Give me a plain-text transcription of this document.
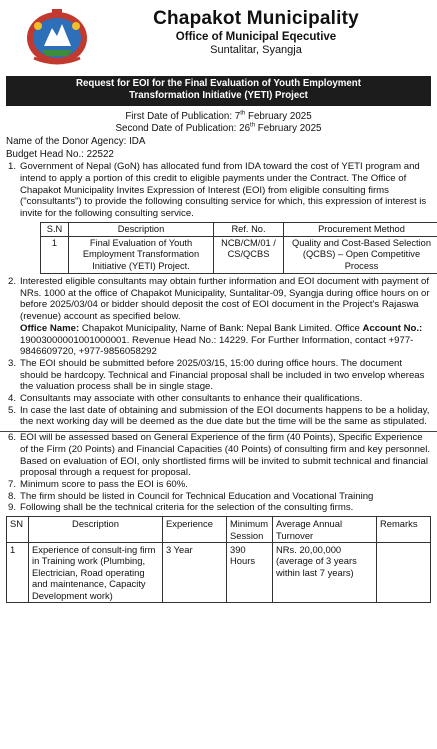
Chapakot Municipality
Office of Municipal Eqecutive
Suntalitar, Syangja
Request for EOI for the Final Evaluation of Youth Employment
Transformation Initiative (YETI) Project
First Date of Publication: 7th February 2025
Second Date of Publication: 26th February 2025
Name of the Donor Agency: IDA
Budget Head No.: 22522
1. Government of Nepal (GoN) has allocated fund from IDA toward the cost of YETI program and intend to apply a portion of this credit to eligible payments under the Contract. The Office of Chapakot Municipality Invites Expression of Interest (EOI) from eligible consulting firms ("consultants") to provide the following consulting service for which, this expression of interest is invite for the following consulting service.
S.N	Description	Ref. No.	Procurement Method
1	Final Evaluation of Youth Employment Transformation Initiative (YETI) Project.	NCB/CM/01 / CS/QCBS	Quality and Cost-Based Selection (QCBS) – Open Competitive Process
2. Interested eligible consultants may obtain further information and EOI document with payment of NRs. 1000 at the office of Chapakot Municipality, Suntalitar-09, Syangja during office hours on or before 2025/03/04 or bidder should deposit the cost of EOI document in the Project's Rajaswa (revenue) account as specified below.
Office Name: Chapakot Municipality, Name of Bank: Nepal Bank Limited. Office Account No.: 19003000001001000001. Revenue Head No.: 14229. For Further Information, contact +977-9846609720, +977-9856058292
3. The EOI should be submitted before 2025/03/15, 15:00 during office hours. The document should be hardcopy. Technical and Financial proposal shall be included in two envelop whereas the valuation process shall be in single stage.
4. Consultants may associate with other consultants to enhance their qualifications.
5. In case the last date of obtaining and submission of the EOI documents happens to be a holiday, the next working day will be deemed as the due date but the time will be the same as stipulated.
6. EOI will be assessed based on General Experience of the firm (40 Points), Specific Experience of the Firm (20 Points) and Financial Capacities (40 Points) of consulting firm and key personnel. Based on evaluation of EOI, only shortlisted firms will be invited to submit technical and financial proposal through a request for proposal.
7. Minimum score to pass the EOI is 60%.
8. The firm should be listed in Council for Technical Education and Vocational Training
9. Following shall be the technical criteria for the selection of the consulting firms.
SN	Description	Experience	Minimum Session	Average Annual Turnover	Remarks
1	Experience of consult-ing firm in Training work (Plumbing, Electrician, Road operating and maintenance, Capacity Development work)	3 Year	390 Hours	NRs. 20,00,000 (average of 3 years within last 7 years)	
